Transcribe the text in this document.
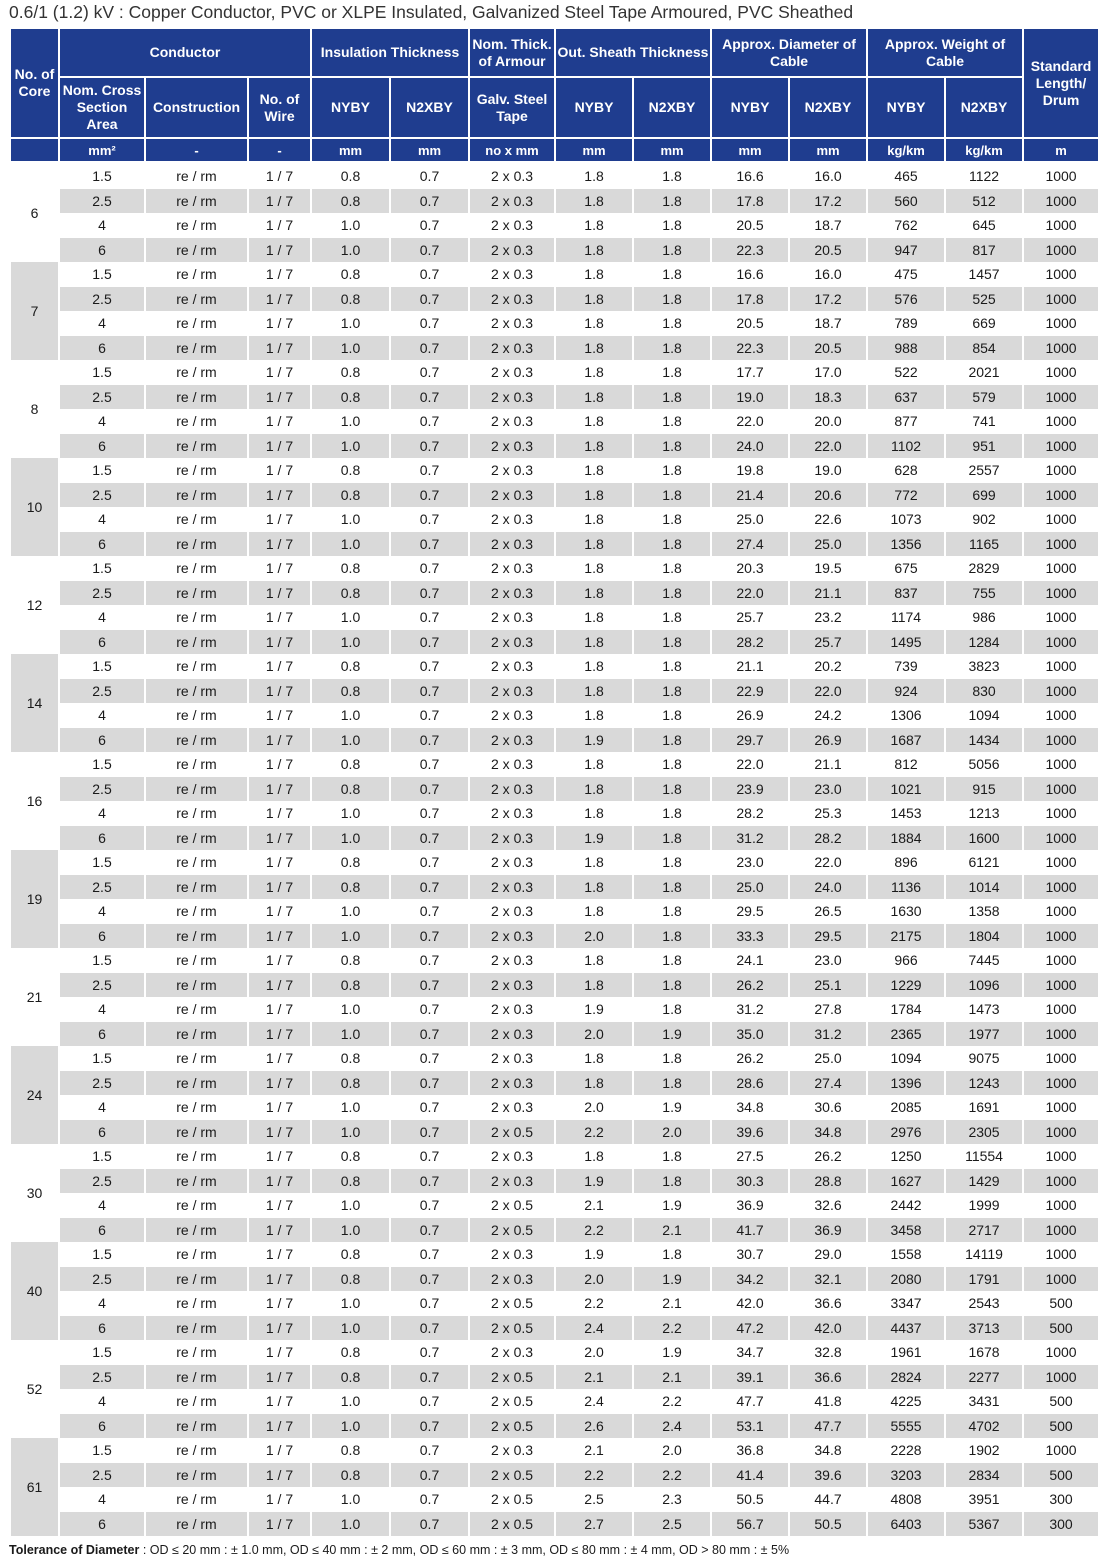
0.6/1 (1.2) kV : Copper Conductor, PVC or XLPE Insulated, Galvanized Steel Tape Armoured, PVC Sheathed
No. of Core	Conductor			Insulation Thickness		Nom. Thick. of Armour	Out. Sheath Thickness		Approx. Diameter of Cable		Approx. Weight of Cable		Standard Length/ Drum
	Nom. Cross Section Area	Construction	No. of Wire	NYBY	N2XBY	Galv. Steel Tape	NYBY	N2XBY	NYBY	N2XBY	NYBY	N2XBY	
	mm²	-	-	mm	mm	no x mm	mm	mm	mm	mm	kg/km	kg/km	m
6	1.5	re / rm	1 / 7	0.8	0.7	2 x 0.3	1.8	1.8	16.6	16.0	465	1122	1000
	2.5	re / rm	1 / 7	0.8	0.7	2 x 0.3	1.8	1.8	17.8	17.2	560	512	1000
	4	re / rm	1 / 7	1.0	0.7	2 x 0.3	1.8	1.8	20.5	18.7	762	645	1000
	6	re / rm	1 / 7	1.0	0.7	2 x 0.3	1.8	1.8	22.3	20.5	947	817	1000
7	1.5	re / rm	1 / 7	0.8	0.7	2 x 0.3	1.8	1.8	16.6	16.0	475	1457	1000
	2.5	re / rm	1 / 7	0.8	0.7	2 x 0.3	1.8	1.8	17.8	17.2	576	525	1000
	4	re / rm	1 / 7	1.0	0.7	2 x 0.3	1.8	1.8	20.5	18.7	789	669	1000
	6	re / rm	1 / 7	1.0	0.7	2 x 0.3	1.8	1.8	22.3	20.5	988	854	1000
8	1.5	re / rm	1 / 7	0.8	0.7	2 x 0.3	1.8	1.8	17.7	17.0	522	2021	1000
	2.5	re / rm	1 / 7	0.8	0.7	2 x 0.3	1.8	1.8	19.0	18.3	637	579	1000
	4	re / rm	1 / 7	1.0	0.7	2 x 0.3	1.8	1.8	22.0	20.0	877	741	1000
	6	re / rm	1 / 7	1.0	0.7	2 x 0.3	1.8	1.8	24.0	22.0	1102	951	1000
10	1.5	re / rm	1 / 7	0.8	0.7	2 x 0.3	1.8	1.8	19.8	19.0	628	2557	1000
	2.5	re / rm	1 / 7	0.8	0.7	2 x 0.3	1.8	1.8	21.4	20.6	772	699	1000
	4	re / rm	1 / 7	1.0	0.7	2 x 0.3	1.8	1.8	25.0	22.6	1073	902	1000
	6	re / rm	1 / 7	1.0	0.7	2 x 0.3	1.8	1.8	27.4	25.0	1356	1165	1000
12	1.5	re / rm	1 / 7	0.8	0.7	2 x 0.3	1.8	1.8	20.3	19.5	675	2829	1000
	2.5	re / rm	1 / 7	0.8	0.7	2 x 0.3	1.8	1.8	22.0	21.1	837	755	1000
	4	re / rm	1 / 7	1.0	0.7	2 x 0.3	1.8	1.8	25.7	23.2	1174	986	1000
	6	re / rm	1 / 7	1.0	0.7	2 x 0.3	1.8	1.8	28.2	25.7	1495	1284	1000
14	1.5	re / rm	1 / 7	0.8	0.7	2 x 0.3	1.8	1.8	21.1	20.2	739	3823	1000
	2.5	re / rm	1 / 7	0.8	0.7	2 x 0.3	1.8	1.8	22.9	22.0	924	830	1000
	4	re / rm	1 / 7	1.0	0.7	2 x 0.3	1.8	1.8	26.9	24.2	1306	1094	1000
	6	re / rm	1 / 7	1.0	0.7	2 x 0.3	1.9	1.8	29.7	26.9	1687	1434	1000
16	1.5	re / rm	1 / 7	0.8	0.7	2 x 0.3	1.8	1.8	22.0	21.1	812	5056	1000
	2.5	re / rm	1 / 7	0.8	0.7	2 x 0.3	1.8	1.8	23.9	23.0	1021	915	1000
	4	re / rm	1 / 7	1.0	0.7	2 x 0.3	1.8	1.8	28.2	25.3	1453	1213	1000
	6	re / rm	1 / 7	1.0	0.7	2 x 0.3	1.9	1.8	31.2	28.2	1884	1600	1000
19	1.5	re / rm	1 / 7	0.8	0.7	2 x 0.3	1.8	1.8	23.0	22.0	896	6121	1000
	2.5	re / rm	1 / 7	0.8	0.7	2 x 0.3	1.8	1.8	25.0	24.0	1136	1014	1000
	4	re / rm	1 / 7	1.0	0.7	2 x 0.3	1.8	1.8	29.5	26.5	1630	1358	1000
	6	re / rm	1 / 7	1.0	0.7	2 x 0.3	2.0	1.8	33.3	29.5	2175	1804	1000
21	1.5	re / rm	1 / 7	0.8	0.7	2 x 0.3	1.8	1.8	24.1	23.0	966	7445	1000
	2.5	re / rm	1 / 7	0.8	0.7	2 x 0.3	1.8	1.8	26.2	25.1	1229	1096	1000
	4	re / rm	1 / 7	1.0	0.7	2 x 0.3	1.9	1.8	31.2	27.8	1784	1473	1000
	6	re / rm	1 / 7	1.0	0.7	2 x 0.3	2.0	1.9	35.0	31.2	2365	1977	1000
24	1.5	re / rm	1 / 7	0.8	0.7	2 x 0.3	1.8	1.8	26.2	25.0	1094	9075	1000
	2.5	re / rm	1 / 7	0.8	0.7	2 x 0.3	1.8	1.8	28.6	27.4	1396	1243	1000
	4	re / rm	1 / 7	1.0	0.7	2 x 0.3	2.0	1.9	34.8	30.6	2085	1691	1000
	6	re / rm	1 / 7	1.0	0.7	2 x 0.5	2.2	2.0	39.6	34.8	2976	2305	1000
30	1.5	re / rm	1 / 7	0.8	0.7	2 x 0.3	1.8	1.8	27.5	26.2	1250	11554	1000
	2.5	re / rm	1 / 7	0.8	0.7	2 x 0.3	1.9	1.8	30.3	28.8	1627	1429	1000
	4	re / rm	1 / 7	1.0	0.7	2 x 0.5	2.1	1.9	36.9	32.6	2442	1999	1000
	6	re / rm	1 / 7	1.0	0.7	2 x 0.5	2.2	2.1	41.7	36.9	3458	2717	1000
40	1.5	re / rm	1 / 7	0.8	0.7	2 x 0.3	1.9	1.8	30.7	29.0	1558	14119	1000
	2.5	re / rm	1 / 7	0.8	0.7	2 x 0.3	2.0	1.9	34.2	32.1	2080	1791	1000
	4	re / rm	1 / 7	1.0	0.7	2 x 0.5	2.2	2.1	42.0	36.6	3347	2543	500
	6	re / rm	1 / 7	1.0	0.7	2 x 0.5	2.4	2.2	47.2	42.0	4437	3713	500
52	1.5	re / rm	1 / 7	0.8	0.7	2 x 0.3	2.0	1.9	34.7	32.8	1961	1678	1000
	2.5	re / rm	1 / 7	0.8	0.7	2 x 0.5	2.1	2.1	39.1	36.6	2824	2277	1000
	4	re / rm	1 / 7	1.0	0.7	2 x 0.5	2.4	2.2	47.7	41.8	4225	3431	500
	6	re / rm	1 / 7	1.0	0.7	2 x 0.5	2.6	2.4	53.1	47.7	5555	4702	500
61	1.5	re / rm	1 / 7	0.8	0.7	2 x 0.3	2.1	2.0	36.8	34.8	2228	1902	1000
	2.5	re / rm	1 / 7	0.8	0.7	2 x 0.5	2.2	2.2	41.4	39.6	3203	2834	500
	4	re / rm	1 / 7	1.0	0.7	2 x 0.5	2.5	2.3	50.5	44.7	4808	3951	300
	6	re / rm	1 / 7	1.0	0.7	2 x 0.5	2.7	2.5	56.7	50.5	6403	5367	300
Tolerance of Diameter : OD ≤ 20 mm : ± 1.0 mm, OD ≤ 40 mm : ± 2 mm, OD ≤ 60 mm : ± 3 mm, OD ≤ 80 mm : ± 4 mm, OD > 80 mm : ± 5%
